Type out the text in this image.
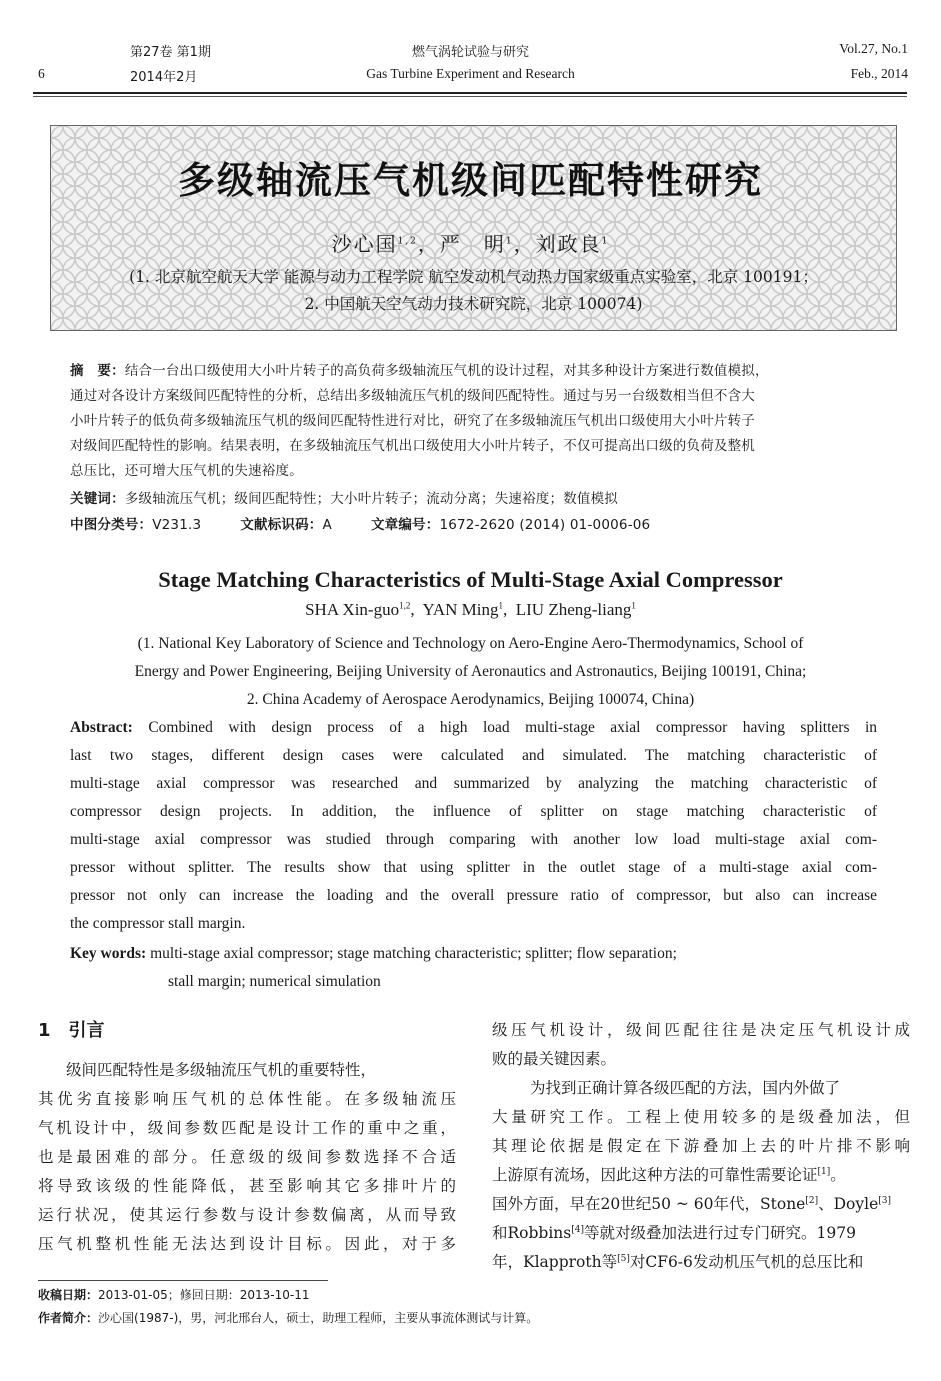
6
第27卷 第1期
2014年2月
燃气涡轮试验与研究
Gas Turbine Experiment and Research
Vol.27, No.1
Feb., 2014
多级轴流压气机级间匹配特性研究
沙心国$^{1,2}$，严　明$^1$，刘政良$^1$
(1. 北京航空航天大学 能源与动力工程学院 航空发动机气动热力国家级重点实验室，北京 100191；
2. 中国航天空气动力技术研究院，北京 100074)
摘　要：结合一台出口级使用大小叶片转子的高负荷多级轴流压气机的设计过程，对其多种设计方案进行数值模拟，
通过对各设计方案级间匹配特性的分析，总结出多级轴流压气机的级间匹配特性。通过与另一台级数相当但不含大
小叶片转子的低负荷多级轴流压气机的级间匹配特性进行对比，研究了在多级轴流压气机出口级使用大小叶片转子
对级间匹配特性的影响。结果表明，在多级轴流压气机出口级使用大小叶片转子，不仅可提高出口级的负荷及整机
总压比，还可增大压气机的失速裕度。
关键词：多级轴流压气机；级间匹配特性；大小叶片转子；流动分离；失速裕度；数值模拟
中图分类号：V231.3	文献标识码：A	文章编号：1672-2620 (2014) 01-0006-06
Stage Matching Characteristics of Multi-Stage Axial Compressor
SHA Xin-guo$^{1,2}$,  YAN Ming$^1$,  LIU Zheng-liang$^1$
(1. National Key Laboratory of Science and Technology on Aero-Engine Aero-Thermodynamics, School of
Energy and Power Engineering, Beijing University of Aeronautics and Astronautics, Beijing 100191, China;
2. China Academy of Aerospace Aerodynamics, Beijing 100074, China)
Abstract: Combined with design process of a high load multi-stage axial compressor having splitters in
last two stages, different design cases were calculated and simulated. The matching characteristic of
multi-stage axial compressor was researched and summarized by analyzing the matching characteristic of
compressor design projects. In addition, the influence of splitter on stage matching characteristic of
multi-stage axial compressor was studied through comparing with another low load multi-stage axial com-
pressor without splitter. The results show that using splitter in the outlet stage of a multi-stage axial com-
pressor not only can increase the loading and the overall pressure ratio of compressor, but also can increase
the compressor stall margin.
Key words: multi-stage axial compressor; stage matching characteristic; splitter; flow separation;
stall margin; numerical simulation
1　引言
级间匹配特性是多级轴流压气机的重要特性，
其优劣直接影响压气机的总体性能。在多级轴流压
气机设计中，级间参数匹配是设计工作的重中之重，
也是最困难的部分。任意级的级间参数选择不合适
将导致该级的性能降低，甚至影响其它多排叶片的
运行状况，使其运行参数与设计参数偏离，从而导致
压气机整机性能无法达到设计目标。因此，对于多
级压气机设计，级间匹配往往是决定压气机设计成
败的最关键因素。
为找到正确计算各级匹配的方法，国内外做了
大量研究工作。工程上使用较多的是级叠加法，但
其理论依据是假定在下游叠加上去的叶片排不影响
上游原有流场，因此这种方法的可靠性需要论证[1]。
国外方面，早在20世纪50 ~ 60年代，Stone[2]、Doyle[3]
和Robbins[4]等就对级叠加法进行过专门研究。1979
年，Klapproth等[5]对CF6-6发动机压气机的总压比和
收稿日期：2013-01-05；修回日期：2013-10-11
作者简介：沙心国(1987-)，男，河北邢台人，硕士，助理工程师，主要从事流体测试与计算。
